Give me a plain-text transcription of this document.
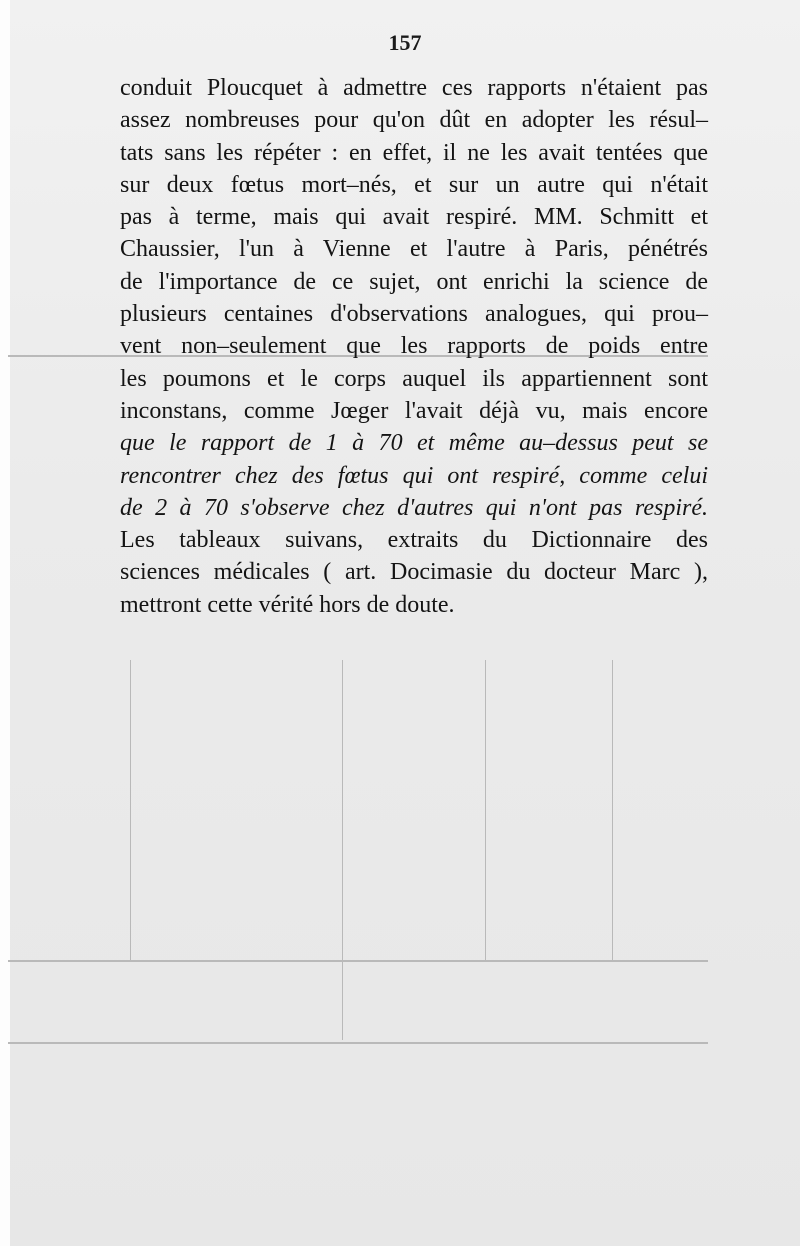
157
conduit Ploucquet à admettre ces rapports n'étaient pas
assez nombreuses pour qu'on dût en adopter les résul–
tats sans les répéter : en effet, il ne les avait tentées que
sur deux fœtus mort–nés, et sur un autre qui n'était
pas à terme, mais qui avait respiré. MM. Schmitt et
Chaussier, l'un à Vienne et l'autre à Paris, pénétrés
de l'importance de ce sujet, ont enrichi la science de
plusieurs centaines d'observations analogues, qui prou–
vent non–seulement que les rapports de poids entre
les poumons et le corps auquel ils appartiennent sont
inconstans, comme Jœger l'avait déjà vu, mais encore
que le rapport de 1 à 70 et même au–dessus peut se
rencontrer chez des fœtus qui ont respiré, comme celui
de 2 à 70 s'observe chez d'autres qui n'ont pas respiré.
Les tableaux suivans, extraits du Dictionnaire des
sciences médicales ( art. Docimasie du docteur Marc ),
mettront cette vérité hors de doute.
